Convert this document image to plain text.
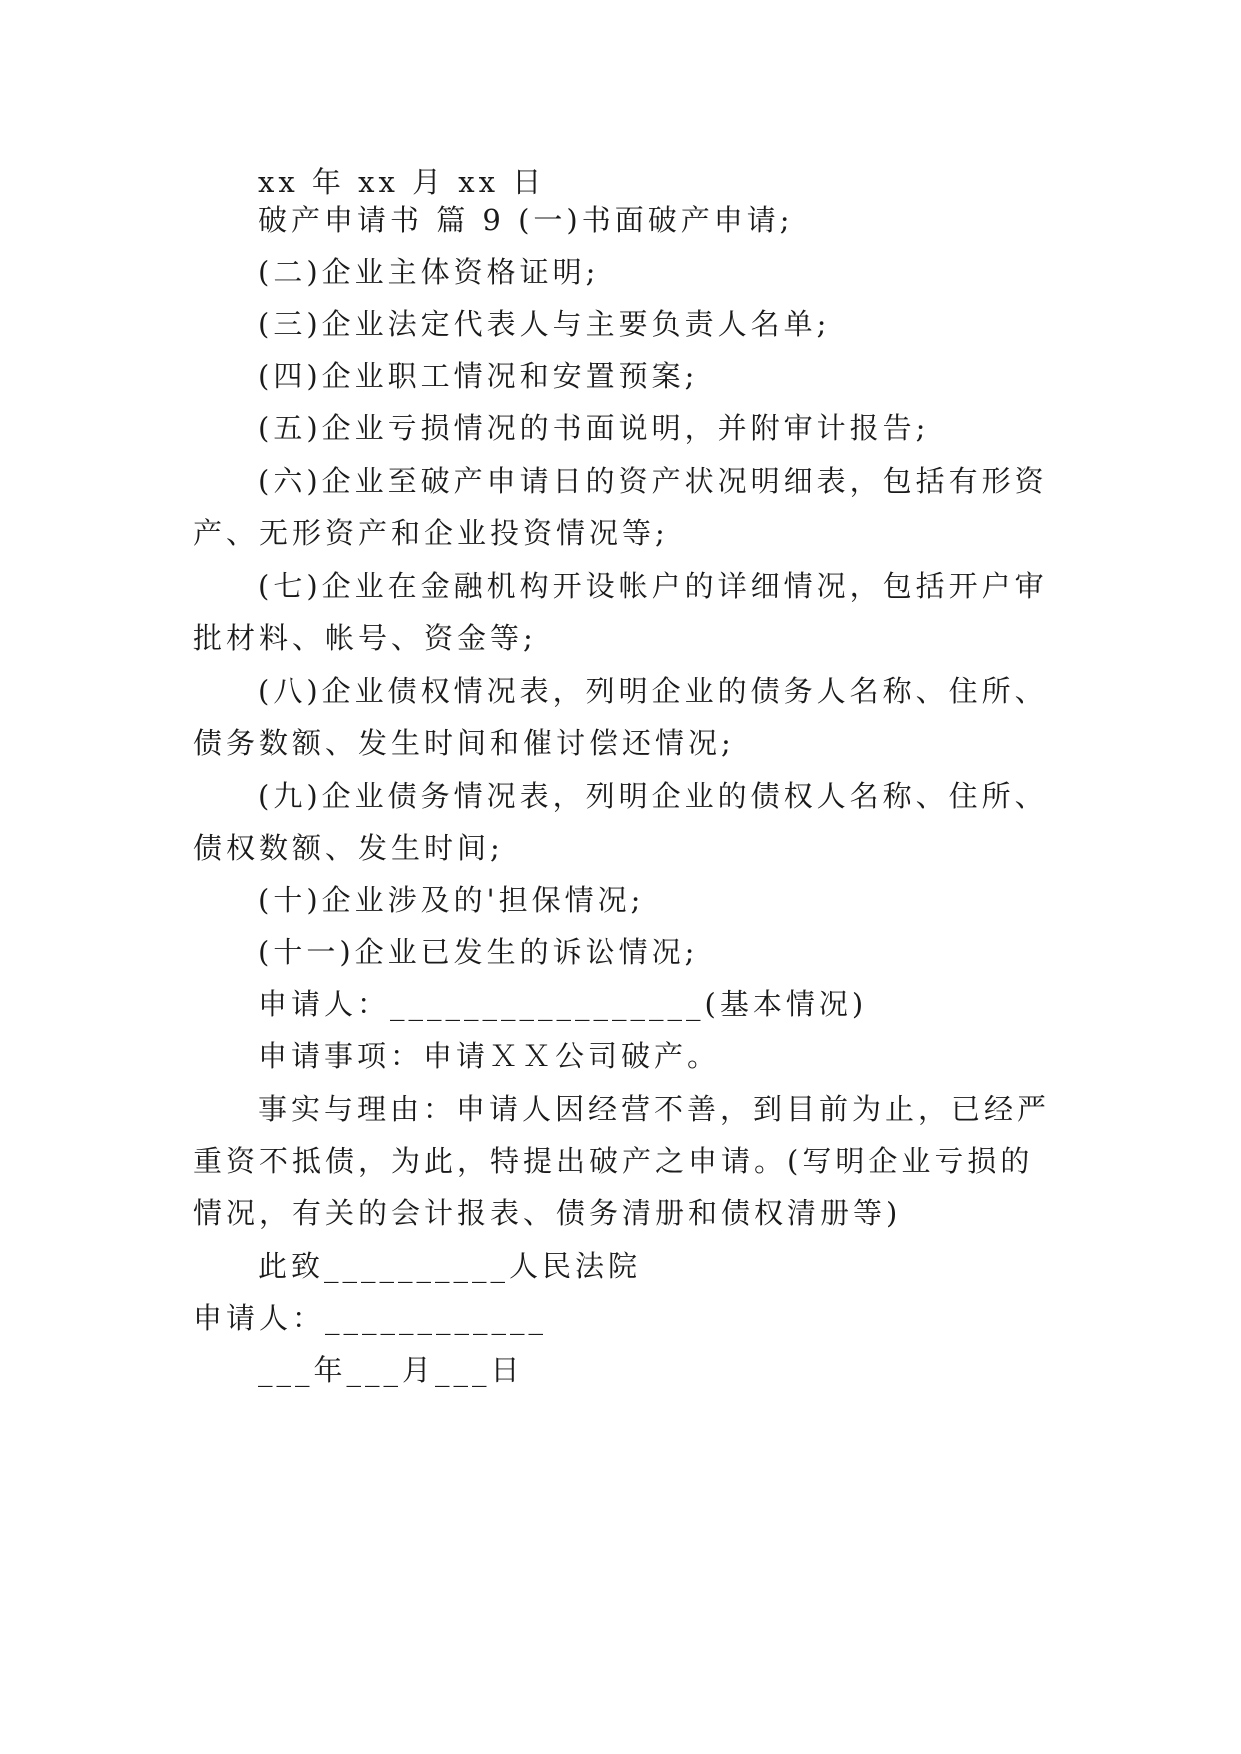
xx 年 xx 月 xx 日
破产申请书 篇 9 (一)书面破产申请;
(二)企业主体资格证明;
(三)企业法定代表人与主要负责人名单;
(四)企业职工情况和安置预案;
(五)企业亏损情况的书面说明，并附审计报告;
(六)企业至破产申请日的资产状况明细表，包括有形资
产、无形资产和企业投资情况等;
(七)企业在金融机构开设帐户的详细情况，包括开户审
批材料、帐号、资金等;
(八)企业债权情况表，列明企业的债务人名称、住所、
债务数额、发生时间和催讨偿还情况;
(九)企业债务情况表，列明企业的债权人名称、住所、
债权数额、发生时间;
(十)企业涉及的'担保情况;
(十一)企业已发生的诉讼情况;
申请人：_________________(基本情况)
申请事项：申请ＸＸ公司破产。
事实与理由：申请人因经营不善，到目前为止，已经严
重资不抵债，为此，特提出破产之申请。(写明企业亏损的
情况，有关的会计报表、债务清册和债权清册等)
此致__________人民法院
申请人：____________
___年___月___日
